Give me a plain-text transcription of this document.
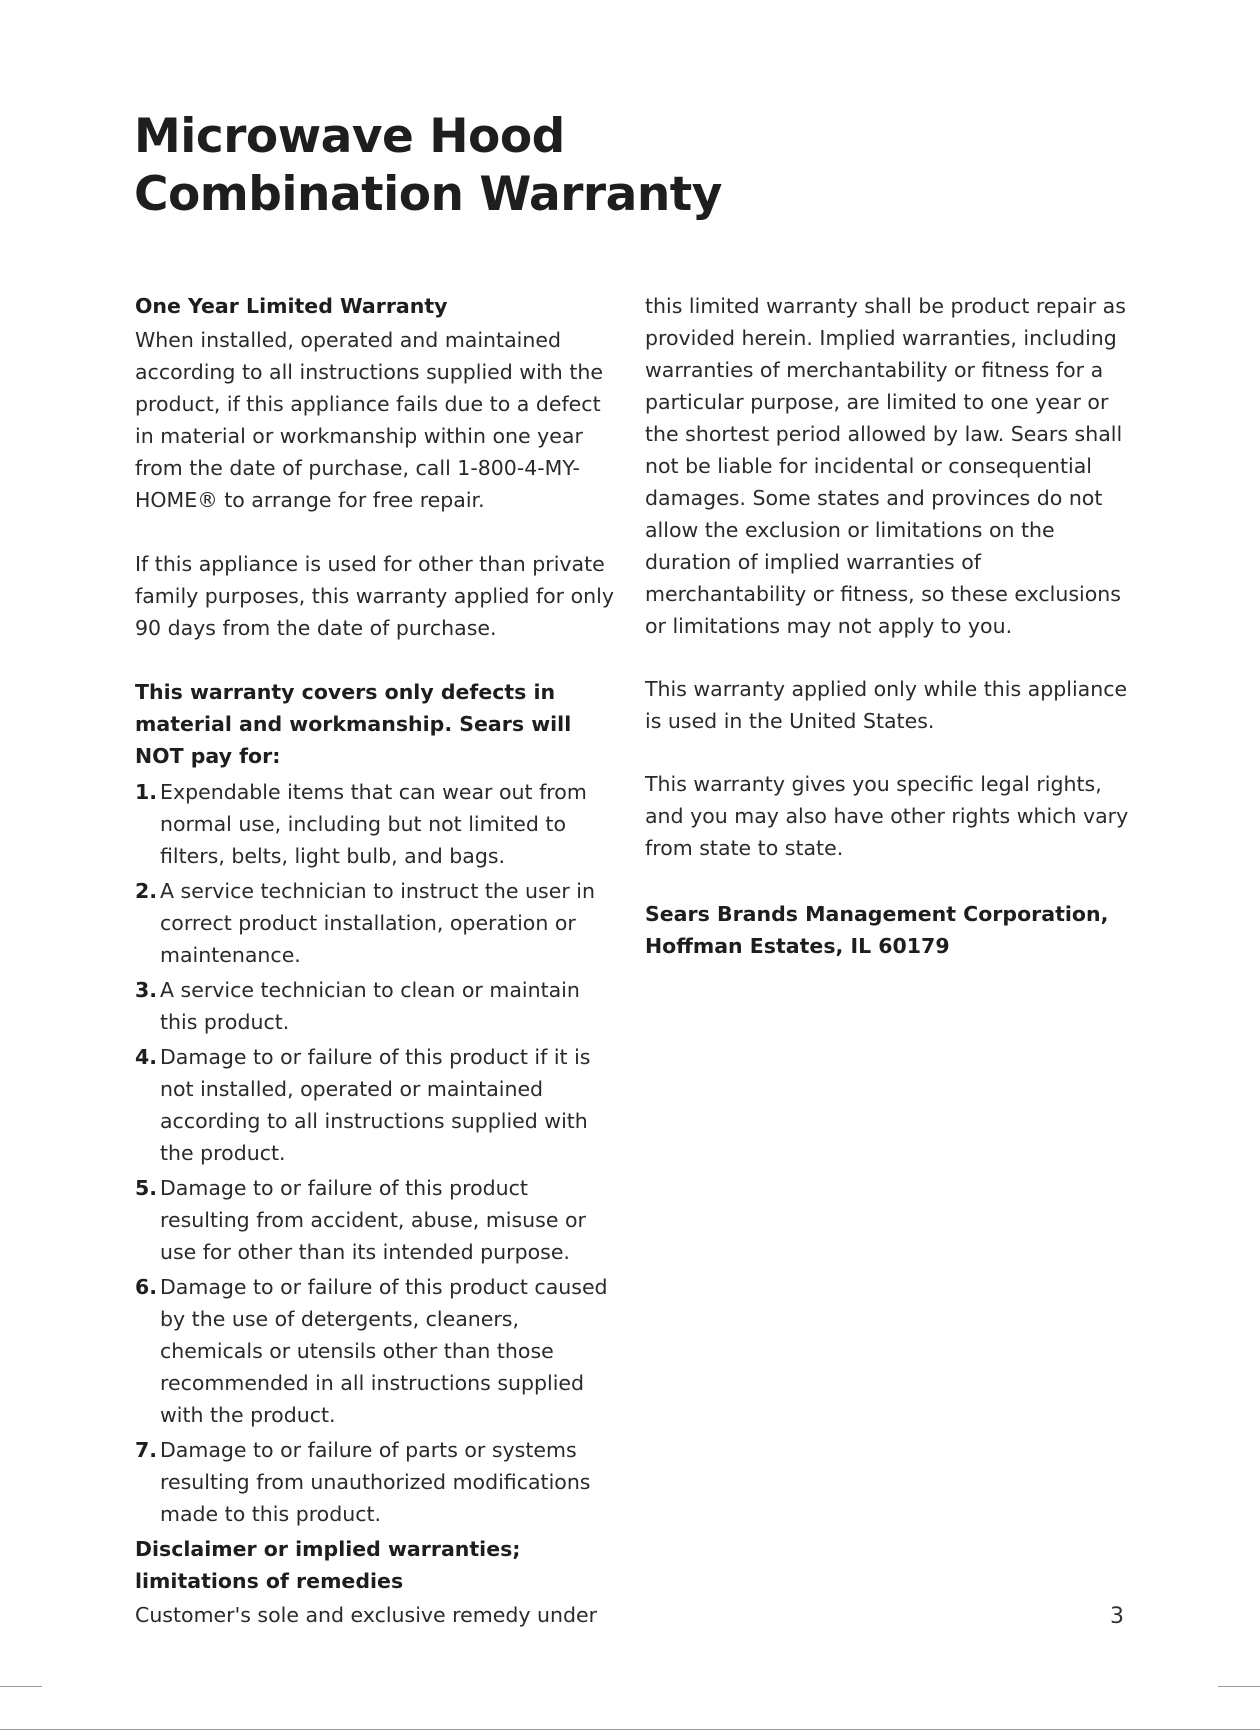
Microwave Hood Combination Warranty
One Year Limited Warranty

When installed, operated and maintained according to all instructions supplied with the product, if this appliance fails due to a defect in material or workmanship within one year from the date of purchase, call 1-800-4-MY-HOME® to arrange for free repair.

If this appliance is used for other than private family purposes, this warranty applied for only 90 days from the date of purchase.

This warranty covers only defects in material and workmanship. Sears will NOT pay for:
1. Expendable items that can wear out from normal use, including but not limited to filters, belts, light bulb, and bags.
2. A service technician to instruct the user in correct product installation, operation or maintenance.
3. A service technician to clean or maintain this product.
4. Damage to or failure of this product if it is not installed, operated or maintained according to all instructions supplied with the product.
5. Damage to or failure of this product resulting from accident, abuse, misuse or use for other than its intended purpose.
6. Damage to or failure of this product caused by the use of detergents, cleaners, chemicals or utensils other than those recommended in all instructions supplied with the product.
7. Damage to or failure of parts or systems resulting from unauthorized modifications made to this product.
Disclaimer or implied warranties; limitations of remedies

Customer's sole and exclusive remedy under

this limited warranty shall be product repair as provided herein. Implied warranties, including warranties of merchantability or fitness for a particular purpose, are limited to one year or the shortest period allowed by law. Sears shall not be liable for incidental or consequential damages. Some states and provinces do not allow the exclusion or limitations on the duration of implied warranties of merchantability or fitness, so these exclusions or limitations may not apply to you.

This warranty applied only while this appliance is used in the United States.

This warranty gives you specific legal rights, and you may also have other rights which vary from state to state.

Sears Brands Management Corporation,

Hoffman Estates, IL 60179

3
